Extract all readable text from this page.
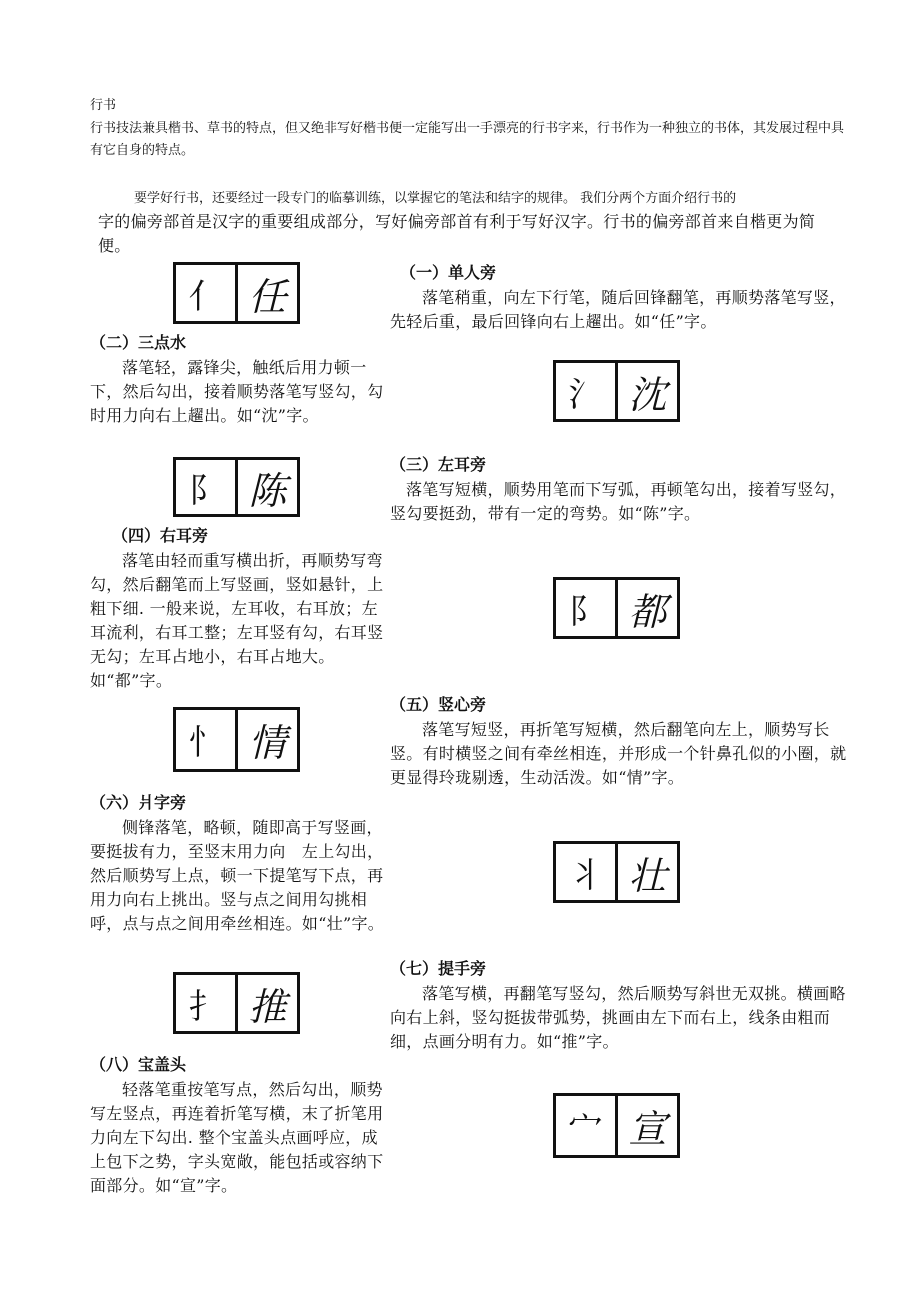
行书
行书技法兼具楷书、草书的特点，但又绝非写好楷书便一定能写出一手漂亮的行书字来，行书作为一种独立的书体，其发展过程中具有它自身的特点。
要学好行书，还要经过一段专门的临摹训练，以掌握它的笔法和结字的规律。 我们分两个方面介绍行书的
字的偏旁部首是汉字的重要组成部分，写好偏旁部首有利于写好汉字。行书的偏旁部首来自楷更为简便。
（一）单人旁
落笔稍重，向左下行笔，随后回锋翻笔，再顺势落笔写竖，先轻后重，最后回锋向右上趯出。如“任”字。
亻 任
（二）三点水
落笔轻，露锋尖，触纸后用力顿一下，然后勾出，接着顺势落笔写竖勾，勾时用力向右上趯出。如“沈”字。
氵 沈
（三）左耳旁
落笔写短横，顺势用笔而下写弧，再顿笔勾出，接着写竖勾，竖勾要挺劲，带有一定的弯势。如“陈”字。
阝 陈
（四）右耳旁
落笔由轻而重写横出折，再顺势写弯勾，然后翻笔而上写竖画，竖如悬针，上粗下细. 一般来说，左耳收，右耳放；左耳流利，右耳工整；左耳竖有勾，右耳竖无勾；左耳占地小，右耳占地大。如“都”字。
阝 都
（五）竖心旁
落笔写短竖，再折笔写短横，然后翻笔向左上，顺势写长竖。有时横竖之间有牵丝相连，并形成一个针鼻孔似的小圈，就更显得玲珑剔透，生动活泼。如“情”字。
忄 情
（六）爿字旁
侧锋落笔，略顿，随即高于写竖画，要挺拔有力，至竖末用力向　左上勾出，然后顺势写上点，顿一下提笔写下点，再用力向右上挑出。竖与点之间用勾挑相呼，点与点之间用牵丝相连。如“壮”字。
丬 壮
（七）提手旁
落笔写横，再翻笔写竖勾，然后顺势写斜世无双挑。横画略向右上斜，竖勾挺拔带弧势，挑画由左下而右上，线条由粗而细，点画分明有力。如“推”字。
扌 推
（八）宝盖头
轻落笔重按笔写点，然后勾出，顺势写左竖点，再连着折笔写横，末了折笔用力向左下勾出. 整个宝盖头点画呼应，成上包下之势，字头宽敞，能包括或容纳下面部分。如“宣”字。
宀 宣
